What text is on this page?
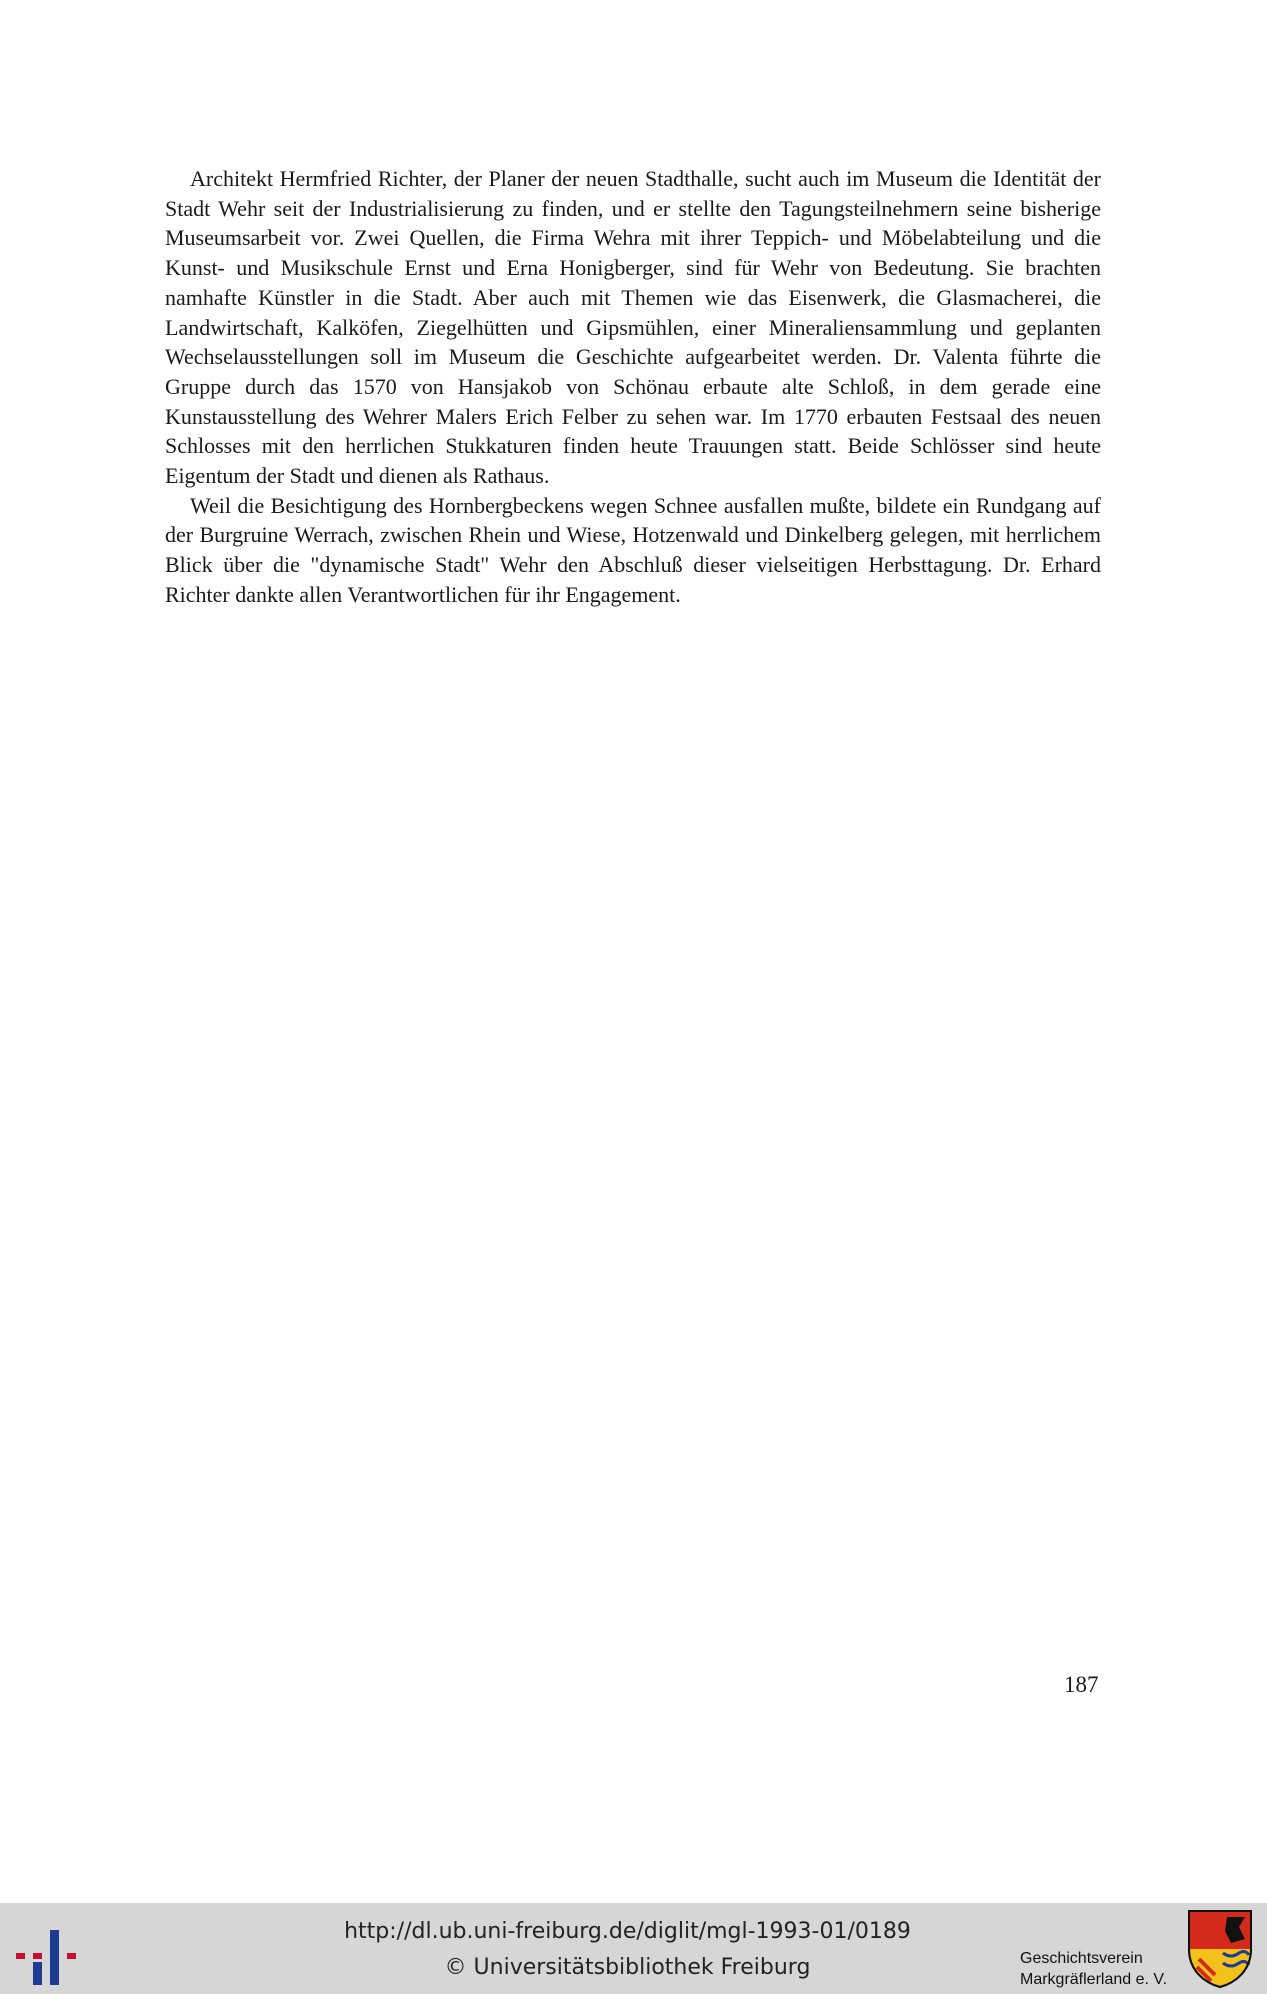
Architekt Hermfried Richter, der Planer der neuen Stadthalle, sucht auch im Museum die Identität der Stadt Wehr seit der Industrialisierung zu finden, und er stellte den Tagungsteilnehmern seine bisherige Museumsarbeit vor. Zwei Quellen, die Firma Wehra mit ihrer Teppich- und Möbelabteilung und die Kunst- und Musikschule Ernst und Erna Honigberger, sind für Wehr von Bedeutung. Sie brachten namhafte Künstler in die Stadt. Aber auch mit Themen wie das Eisenwerk, die Glasmacherei, die Landwirtschaft, Kalköfen, Ziegelhütten und Gipsmühlen, einer Mineraliensammlung und geplanten Wechselausstellungen soll im Museum die Geschichte aufgearbeitet werden. Dr. Valenta führte die Gruppe durch das 1570 von Hansjakob von Schönau erbaute alte Schloß, in dem gerade eine Kunstausstellung des Wehrer Malers Erich Felber zu sehen war. Im 1770 erbauten Festsaal des neuen Schlosses mit den herrlichen Stukkaturen finden heute Trauungen statt. Beide Schlösser sind heute Eigentum der Stadt und dienen als Rathaus.

Weil die Besichtigung des Hornbergbeckens wegen Schnee ausfallen mußte, bildete ein Rundgang auf der Burgruine Werrach, zwischen Rhein und Wiese, Hotzenwald und Dinkelberg gelegen, mit herrlichem Blick über die "dynamische Stadt" Wehr den Abschluß dieser vielseitigen Herbsttagung. Dr. Erhard Richter dankte allen Verantwortlichen für ihr Engagement.

187
http://dl.ub.uni-freiburg.de/diglit/mgl-1993-01/0189
© Universitätsbibliothek Freiburg	Geschichtsverein
Markgräflerland e. V.
